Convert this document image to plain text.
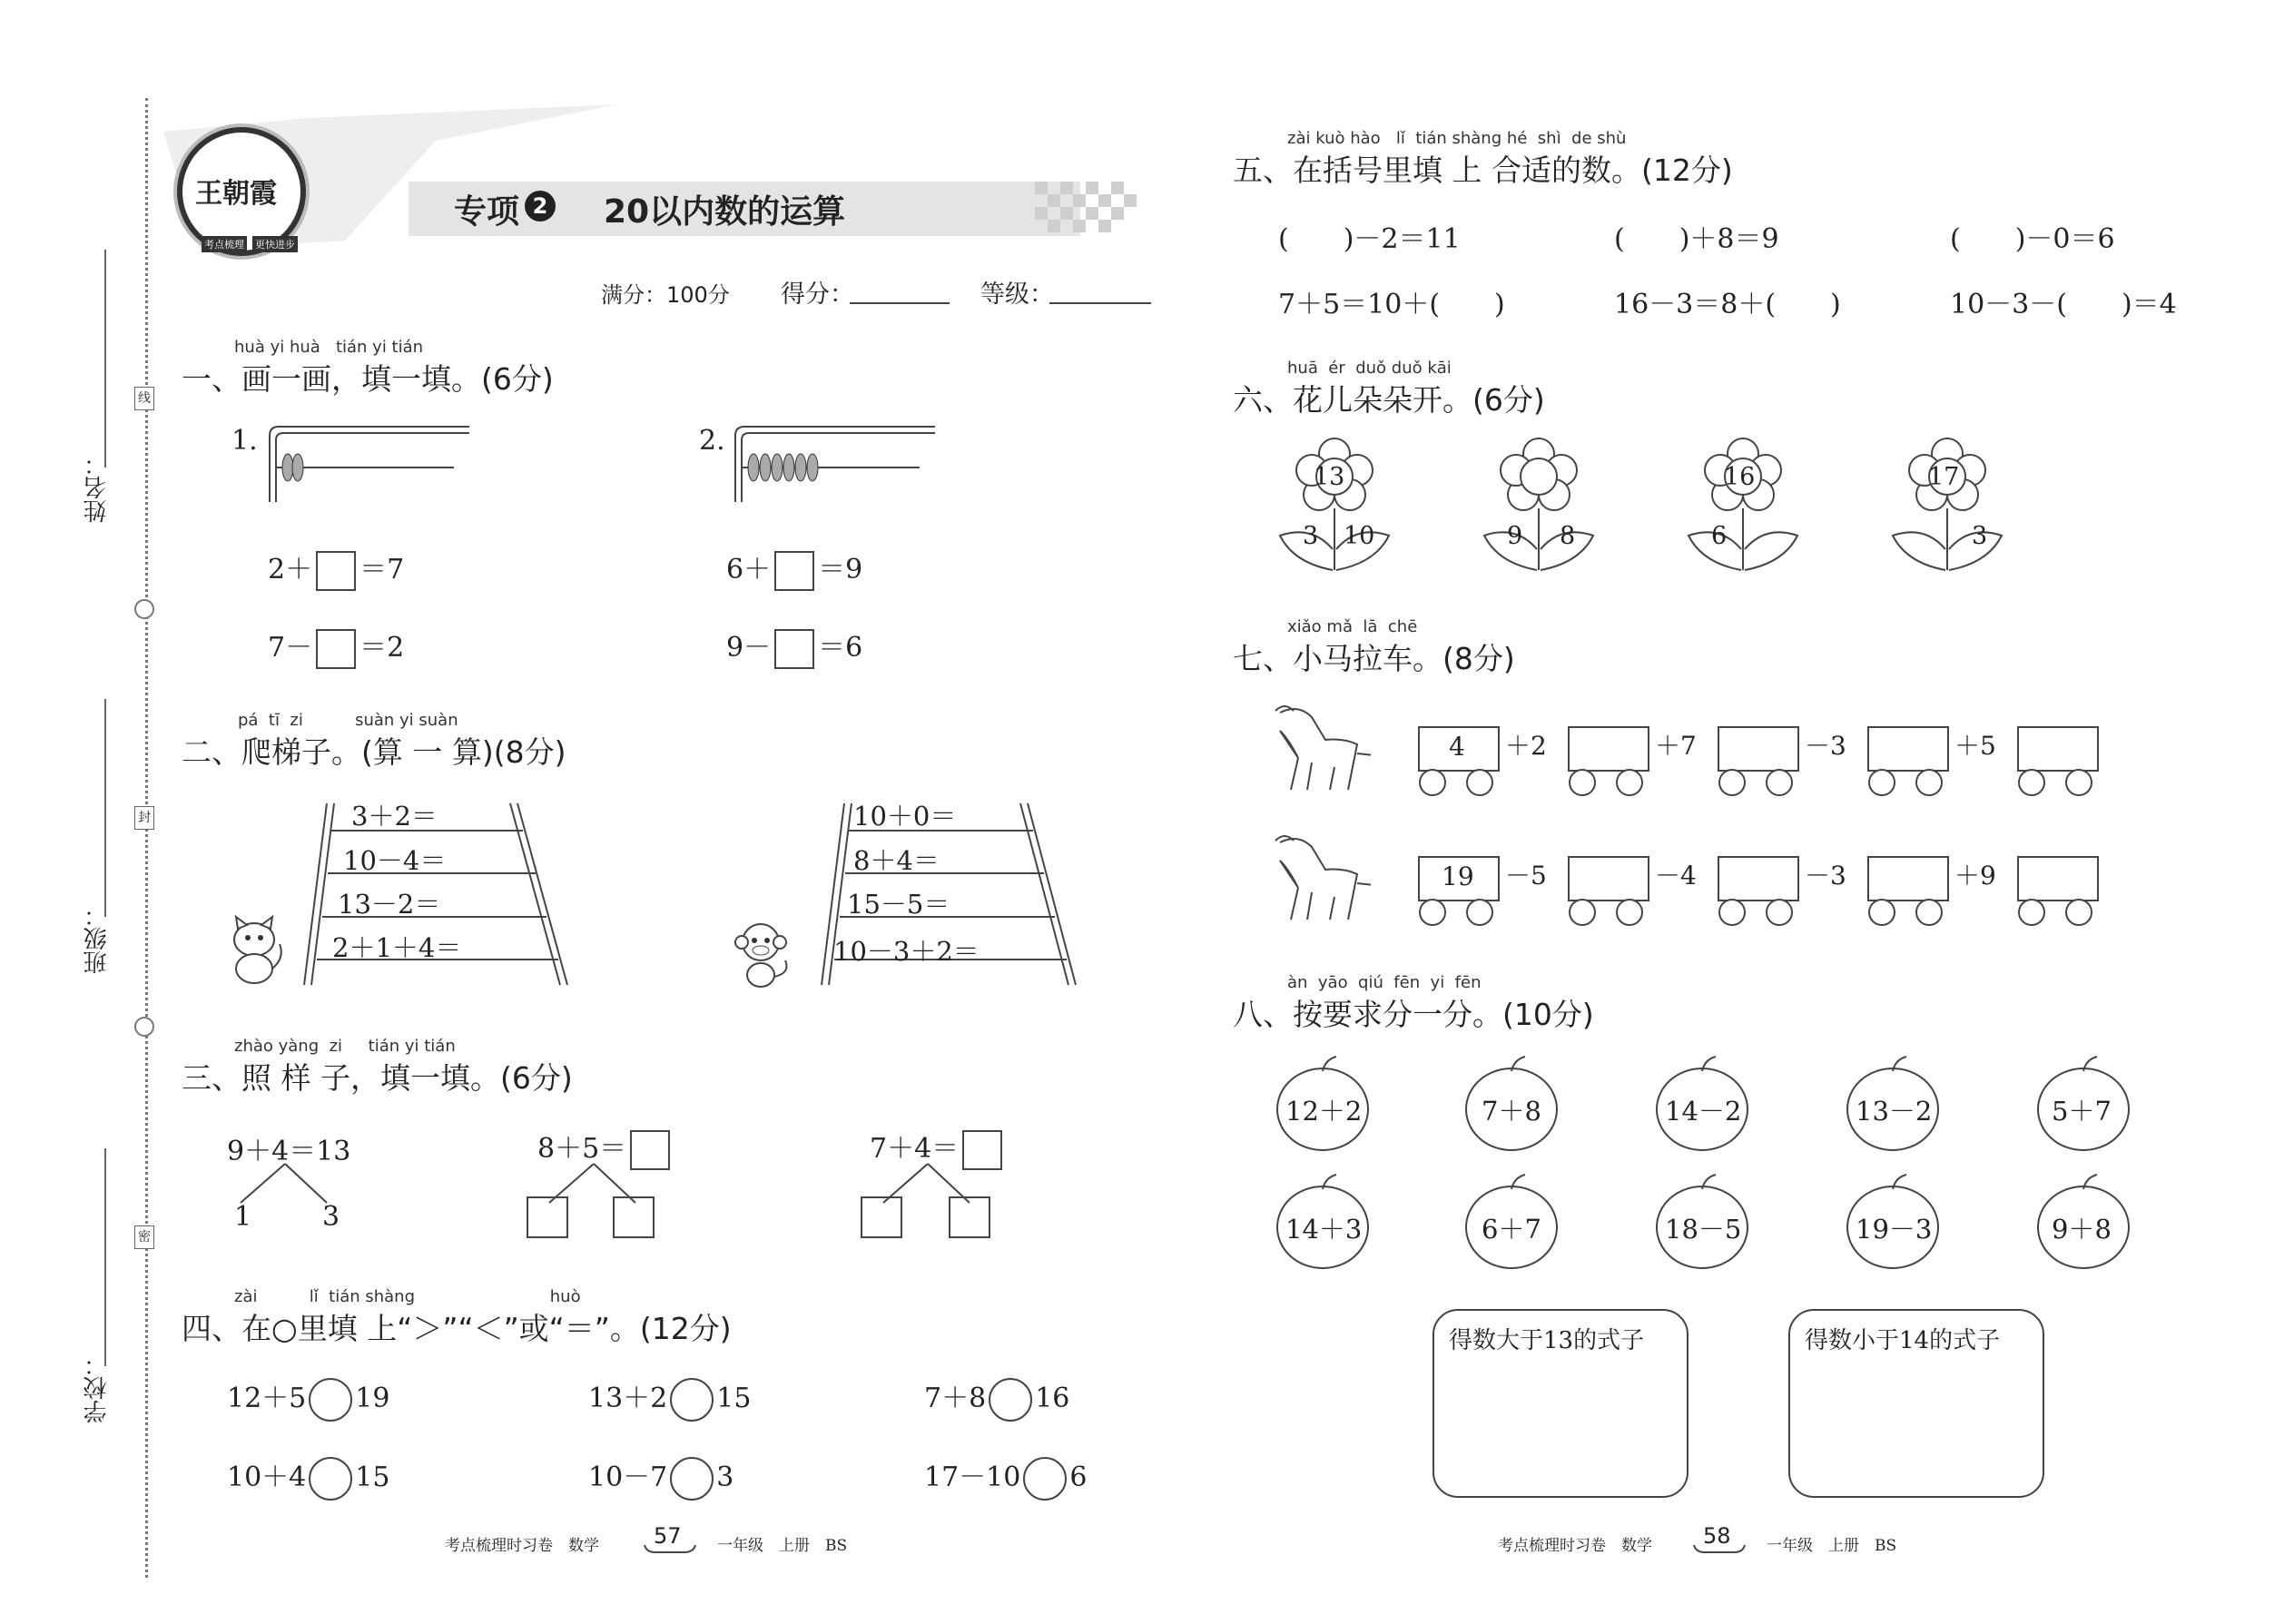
姓名：
班级：
学校：
线
封
密
王朝霞
考点梳理 更快进步
专项 2 20以内数的运算
满分：100分 得分：	等级：
huà yi huà   tián yi tián
一、画一画，填一填。(6分)
1.	2.
2＋ ＝7
7－ ＝2
6＋ ＝9
9－ ＝6
pá  tī  zi          suàn yi suàn
二、爬梯子。(算 一 算)(8分)
3＋2＝
10－4＝
13－2＝
2＋1＋4＝
10＋0＝
8＋4＝
15－5＝
10－3＋2＝
zhào yàng  zi     tián yi tián
三、照 样 子，填一填。(6分)
9＋4＝13
1	3
8＋5＝	7＋4＝
zài          lǐ  tián shàng                          huò
四、在○里填 上“＞”“＜”或“＝”。(12分)
12＋5 19	13＋2 15	7＋8 16
10＋4 15	10－7 3	17－10 6
考点梳理时习卷　数学	57 一年级　上册　BS
zài kuò hào   lǐ  tián shàng hé  shì  de shù
五、在括号里填 上 合适的数。(12分)
(　　)－2＝11	(　　)＋8＝9	(　　)－0＝6
7＋5＝10＋(　　)	16－3＝8＋(　　)	10－3－(　　)＝4
huā  ér  duǒ duǒ kāi
六、花儿朵朵开。(6分)
13
3 10	9 8
16
6
17
3
xiǎo mǎ  lā  chē
七、小马拉车。(8分)
4 ＋2	＋7	－3	＋5
19 －5	－4	－3	＋9
àn  yāo  qiú  fēn  yi  fēn
八、按要求分一分。(10分)
12＋2	7＋8	14－2	13－2	5＋7
14＋3	6＋7	18－5	19－3	9＋8
得数大于13的式子	得数小于14的式子
考点梳理时习卷　数学 58 一年级　上册　BS
